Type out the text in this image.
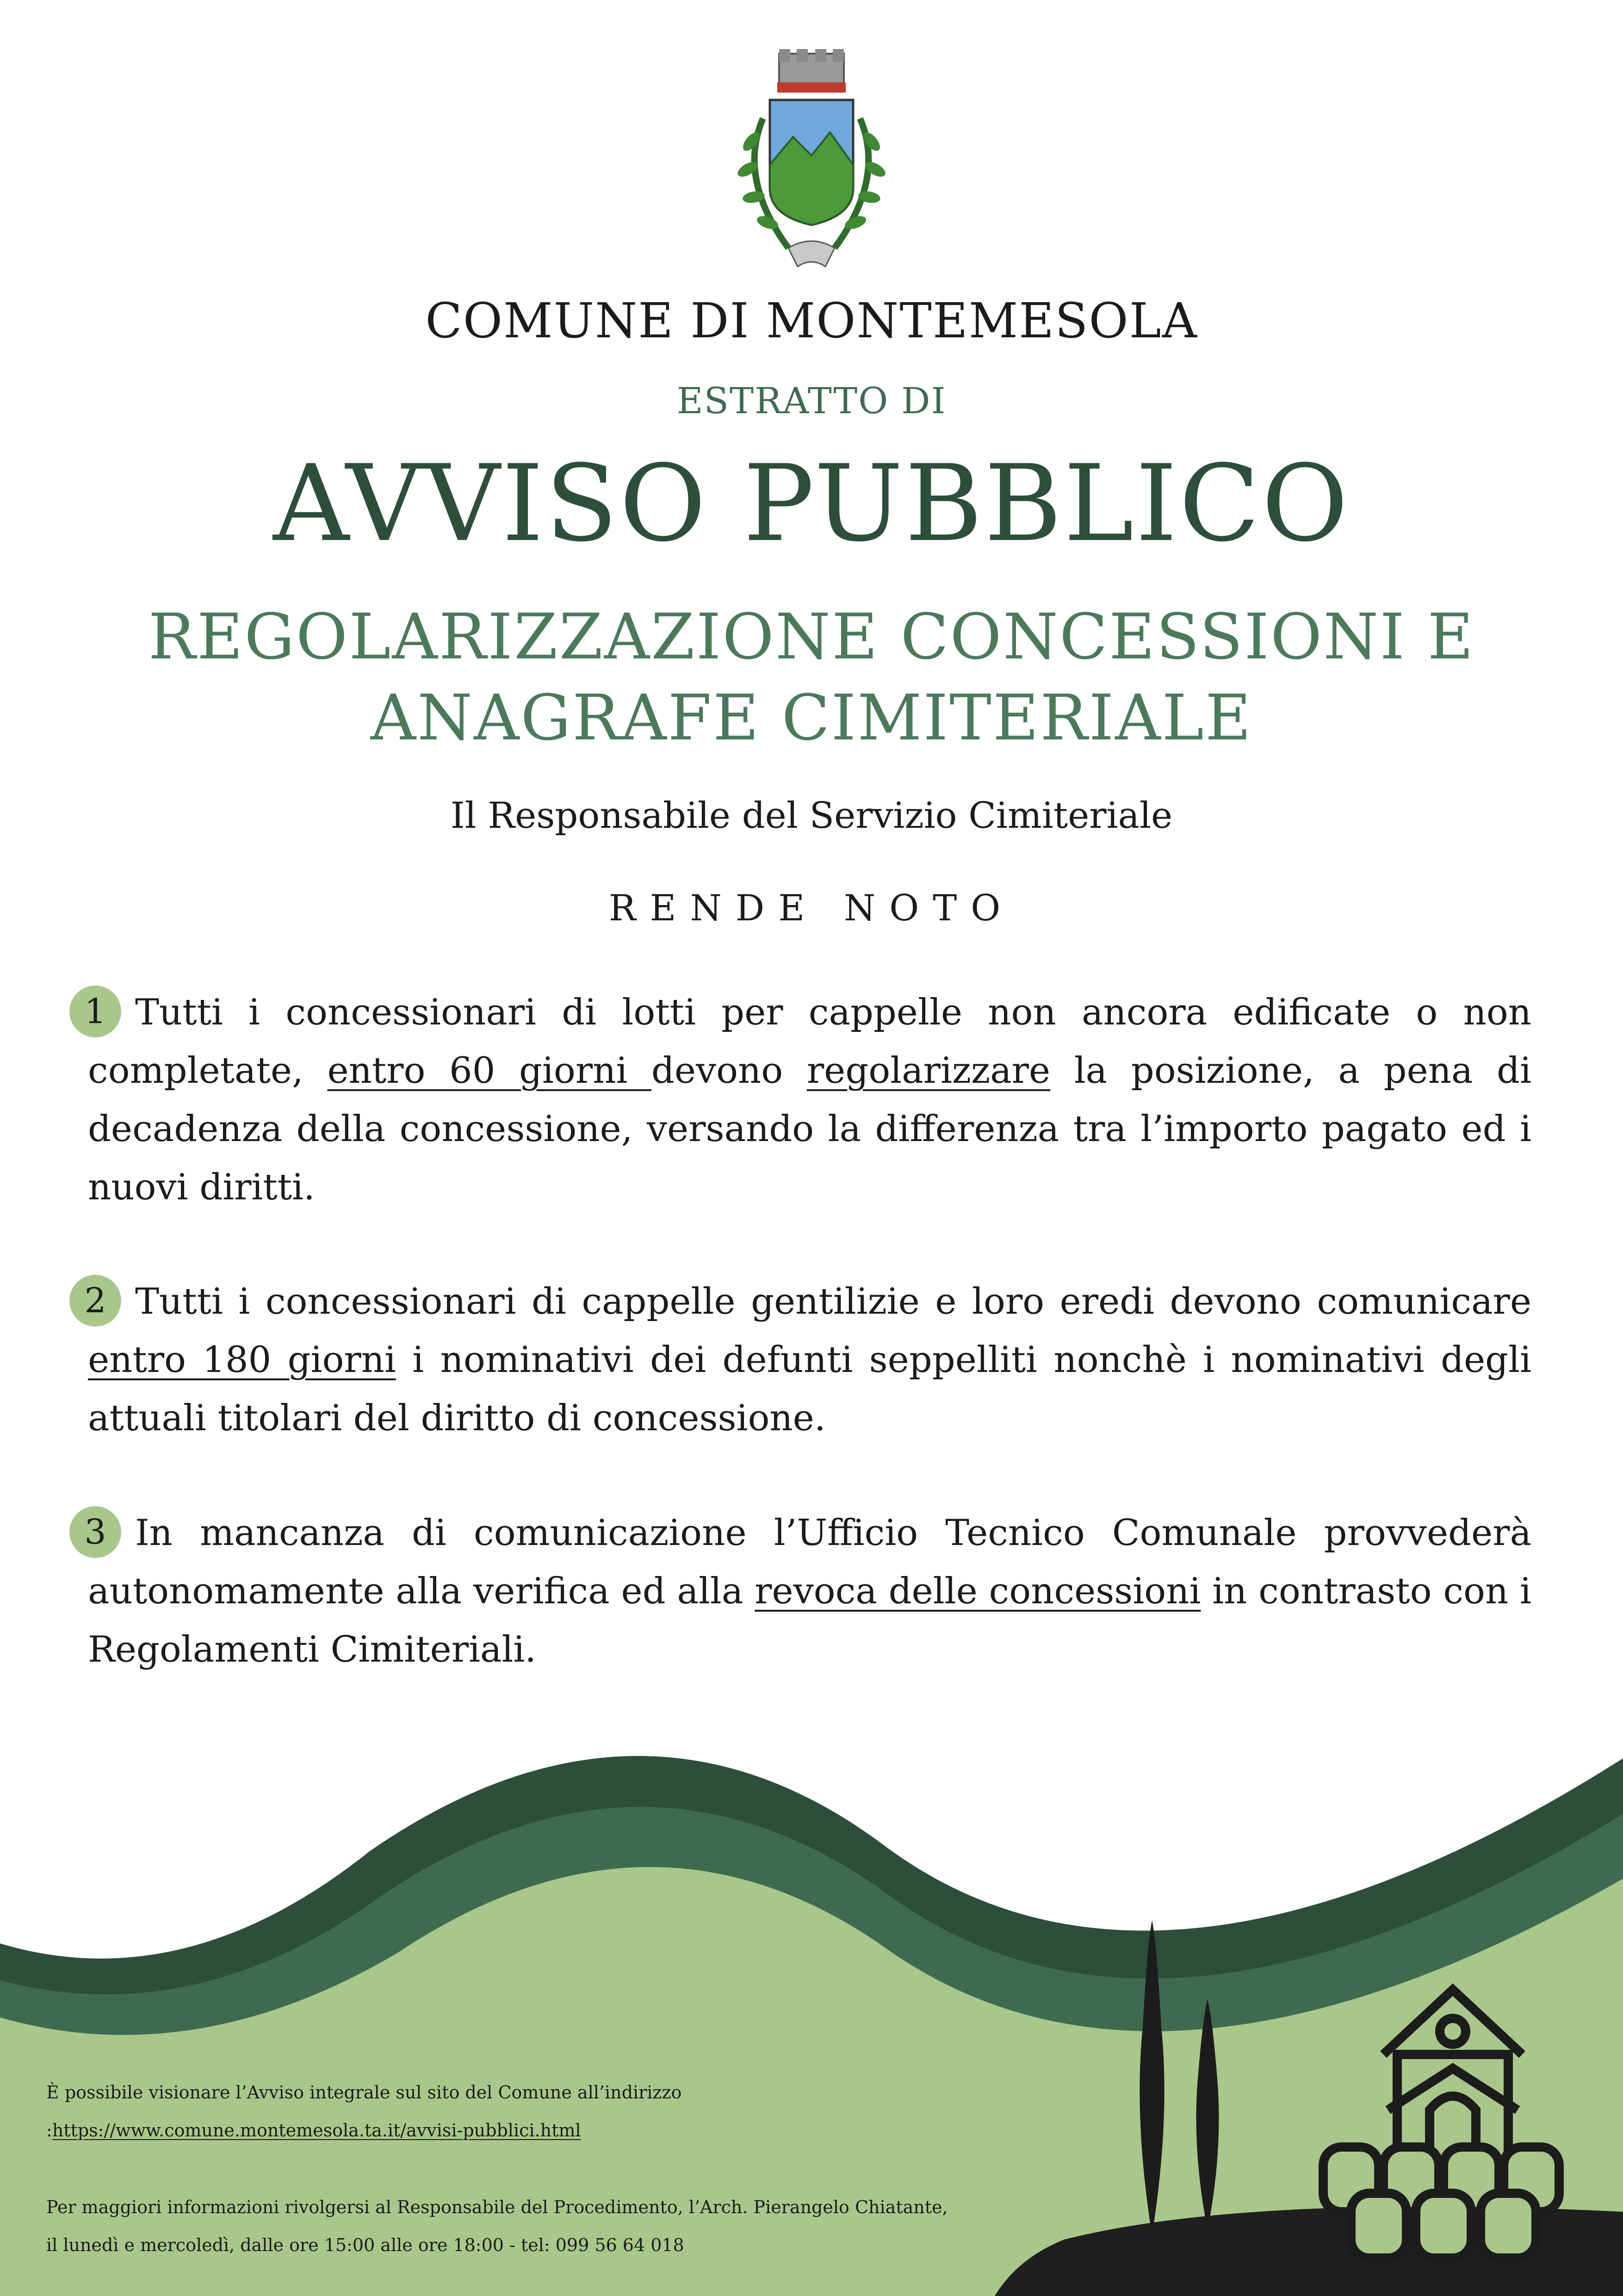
COMUNE DI MONTEMESOLA
ESTRATTO DI
AVVISO PUBBLICO
REGOLARIZZAZIONE CONCESSIONI E
ANAGRAFE CIMITERIALE
Il Responsabile del Servizio Cimiteriale
RENDE NOTO
1 Tutti i concessionari di lotti per cappelle non ancora edificate o non completate, entro 60 giorni devono regolarizzare la posizione, a pena di decadenza della concessione, versando la differenza tra l’importo pagato ed i nuovi diritti.
2 Tutti i concessionari di cappelle gentilizie e loro eredi devono comunicare entro 180 giorni i nominativi dei defunti seppelliti nonchè i nominativi degli attuali titolari del diritto di concessione.
3 In mancanza di comunicazione l’Ufficio Tecnico Comunale provvederà autonomamente alla verifica ed alla revoca delle concessioni in contrasto con i Regolamenti Cimiteriali.
È possibile visionare l’Avviso integrale sul sito del Comune all’indirizzo
:https://www.comune.montemesola.ta.it/avvisi-pubblici.html
Per maggiori informazioni rivolgersi al Responsabile del Procedimento, l’Arch. Pierangelo Chiatante,
il lunedì e mercoledì, dalle ore 15:00 alle ore 18:00 - tel: 099 56 64 018
